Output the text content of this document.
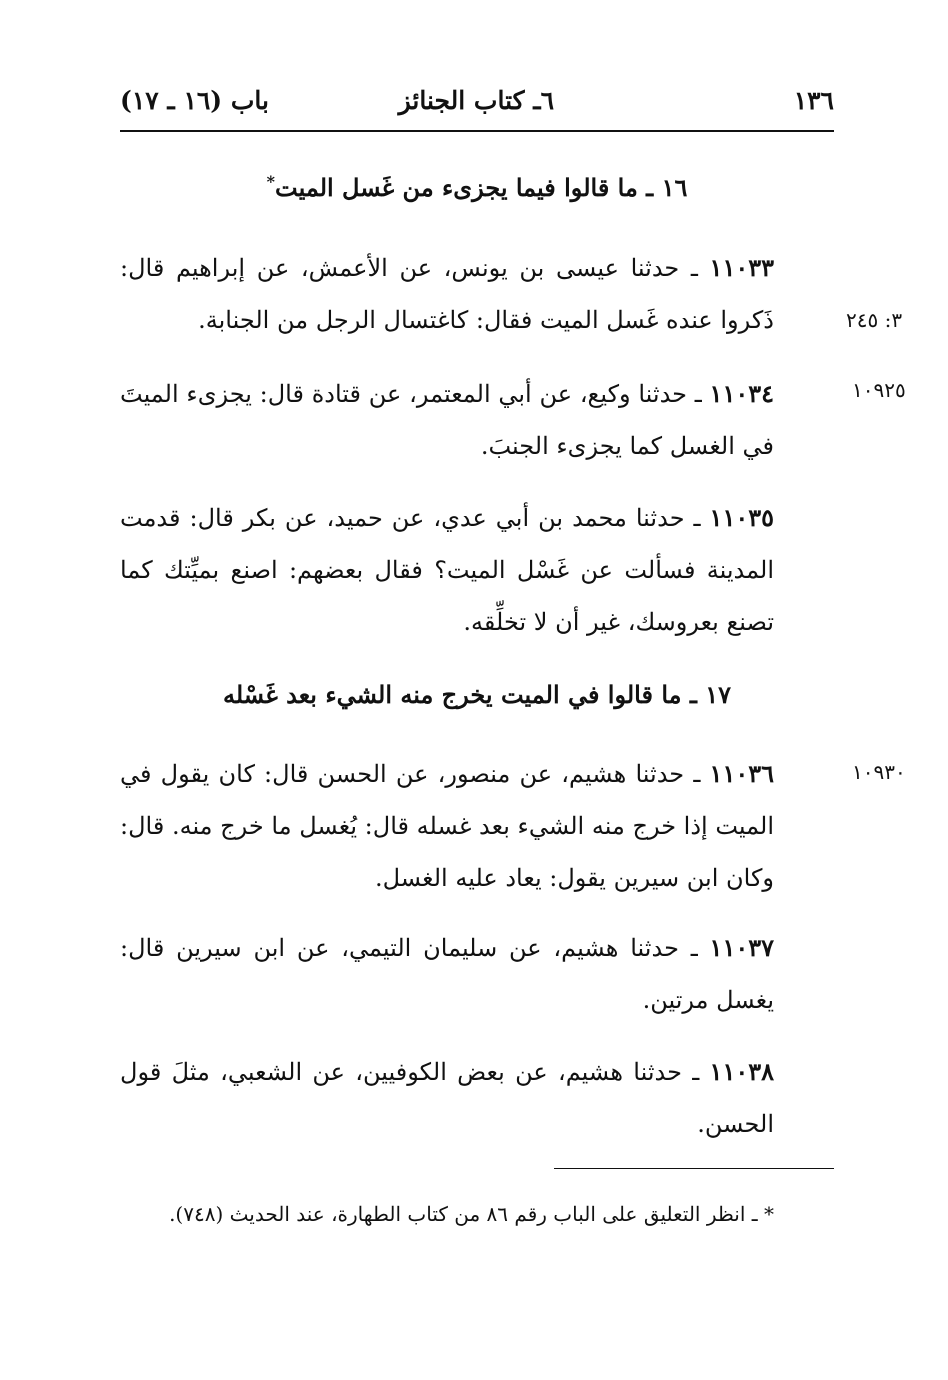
١٣٦
٦ـ كتاب الجنائز
باب (١٦ ـ ١٧)
١٦ ـ ما قالوا فيما يجزىء من غَسل الميت*
١١٠٣٣ ـ حدثنا عيسى بن يونس، عن الأعمش، عن إبراهيم قال: ذَكروا عنده غَسل الميت فقال: كاغتسال الرجل من الجنابة.	٣: ٢٤٥
١١٠٣٤ ـ حدثنا وكيع، عن أبي المعتمر، عن قتادة قال: يجزىء الميتَ في الغسل كما يجزىء الجنبَ.
١٠٩٢٥
١١٠٣٥ ـ حدثنا محمد بن أبي عدي، عن حميد، عن بكر قال: قدمت المدينة فسألت عن غَسْل الميت؟ فقال بعضهم: اصنع بميِّتك كما تصنع بعروسك، غير أن لا تخلِّقه.
١٧ ـ ما قالوا في الميت يخرج منه الشيء بعد غَسْله
١١٠٣٦ ـ حدثنا هشيم، عن منصور، عن الحسن قال: كان يقول في الميت إذا خرج منه الشيء بعد غسله قال: يُغسل ما خرج منه. قال: وكان ابن سيرين يقول: يعاد عليه الغسل.
١٠٩٣٠
١١٠٣٧ ـ حدثنا هشيم، عن سليمان التيمي، عن ابن سيرين قال: يغسل مرتين.
١١٠٣٨ ـ حدثنا هشيم، عن بعض الكوفيين، عن الشعبي، مثلَ قول الحسن.
* ـ انظر التعليق على الباب رقم ٨٦ من كتاب الطهارة، عند الحديث (٧٤٨).
